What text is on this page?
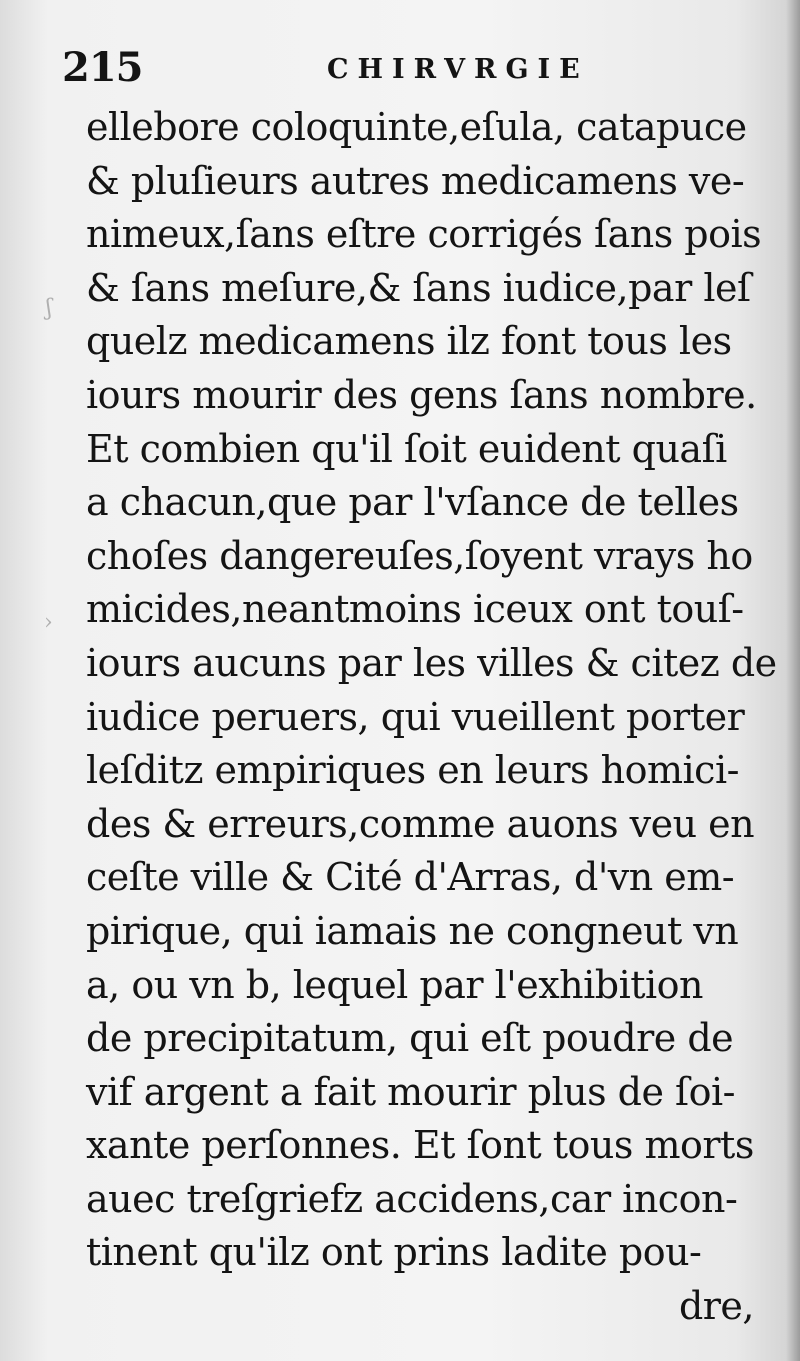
215	CHIRVRGIE
ellebore coloquinte,eſula, catapuce
& pluſieurs autres medicamens ve-
nimeux,ſans eſtre corrigés ſans pois
& ſans meſure,& ſans iudice,par leſ
quelz medicamens ilz font tous les
iours mourir des gens ſans nombre.
Et combien qu'il ſoit euident quaſi
a chacun,que par l'vſance de telles
choſes dangereuſes,ſoyent vrays ho
micides,neantmoins iceux ont touſ-
iours aucuns par les villes & citez de
iudice peruers, qui vueillent porter
leſditz empiriques en leurs homici-
des & erreurs,comme auons veu en
ceſte ville & Cité d'Arras, d'vn em-
pirique, qui iamais ne congneut vn
a, ou vn b, lequel par l'exhibition
de precipitatum, qui eſt poudre de
vif argent a fait mourir plus de ſoi-
xante perſonnes. Et ſont tous morts
auec treſgriefz accidens,car incon-
tinent qu'ilz ont prins ladite pou-
dre,
ʃ
›
